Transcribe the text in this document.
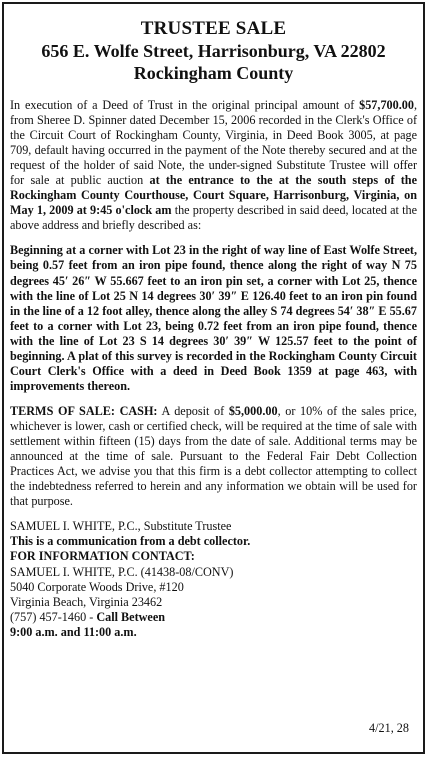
TRUSTEE SALE
656 E. Wolfe Street, Harrisonburg, VA 22802
Rockingham County

In execution of a Deed of Trust in the original principal amount of $57,700.00, from Sheree D. Spinner dated December 15, 2006 recorded in the Clerk's Office of the Circuit Court of Rockingham County, Virginia, in Deed Book 3005, at page 709, default having occurred in the payment of the Note thereby secured and at the request of the holder of said Note, the under-signed Substitute Trustee will offer for sale at public auction at the entrance to the at the south steps of the Rockingham County Courthouse, Court Square, Harrisonburg, Virginia, on May 1, 2009 at 9:45 o'clock am the property described in said deed, located at the above address and briefly described as:

Beginning at a corner with Lot 23 in the right of way line of East Wolfe Street, being 0.57 feet from an iron pipe found, thence along the right of way N 75 degrees 45′ 26″ W 55.667 feet to an iron pin set, a corner with Lot 25, thence with the line of Lot 25 N 14 degrees 30′ 39″ E 126.40 feet to an iron pin found in the line of a 12 foot alley, thence along the alley S 74 degrees 54′ 38″ E 55.67 feet to a corner with Lot 23, being 0.72 feet from an iron pipe found, thence with the line of Lot 23 S 14 degrees 30′ 39″ W 125.57 feet to the point of beginning. A plat of this survey is recorded in the Rockingham County Circuit Court Clerk's Office with a deed in Deed Book 1359 at page 463, with improvements thereon.

TERMS OF SALE: CASH: A deposit of $5,000.00, or 10% of the sales price, whichever is lower, cash or certified check, will be required at the time of sale with settlement within fifteen (15) days from the date of sale. Additional terms may be announced at the time of sale. Pursuant to the Federal Fair Debt Collection Practices Act, we advise you that this firm is a debt collector attempting to collect the indebtedness referred to herein and any information we obtain will be used for that purpose.

SAMUEL I. WHITE, P.C., Substitute Trustee
This is a communication from a debt collector.
FOR INFORMATION CONTACT:
SAMUEL I. WHITE, P.C. (41438-08/CONV)
5040 Corporate Woods Drive, #120
Virginia Beach, Virginia 23462
(757) 457-1460 - Call Between
9:00 a.m. and 11:00 a.m.
4/21, 28
